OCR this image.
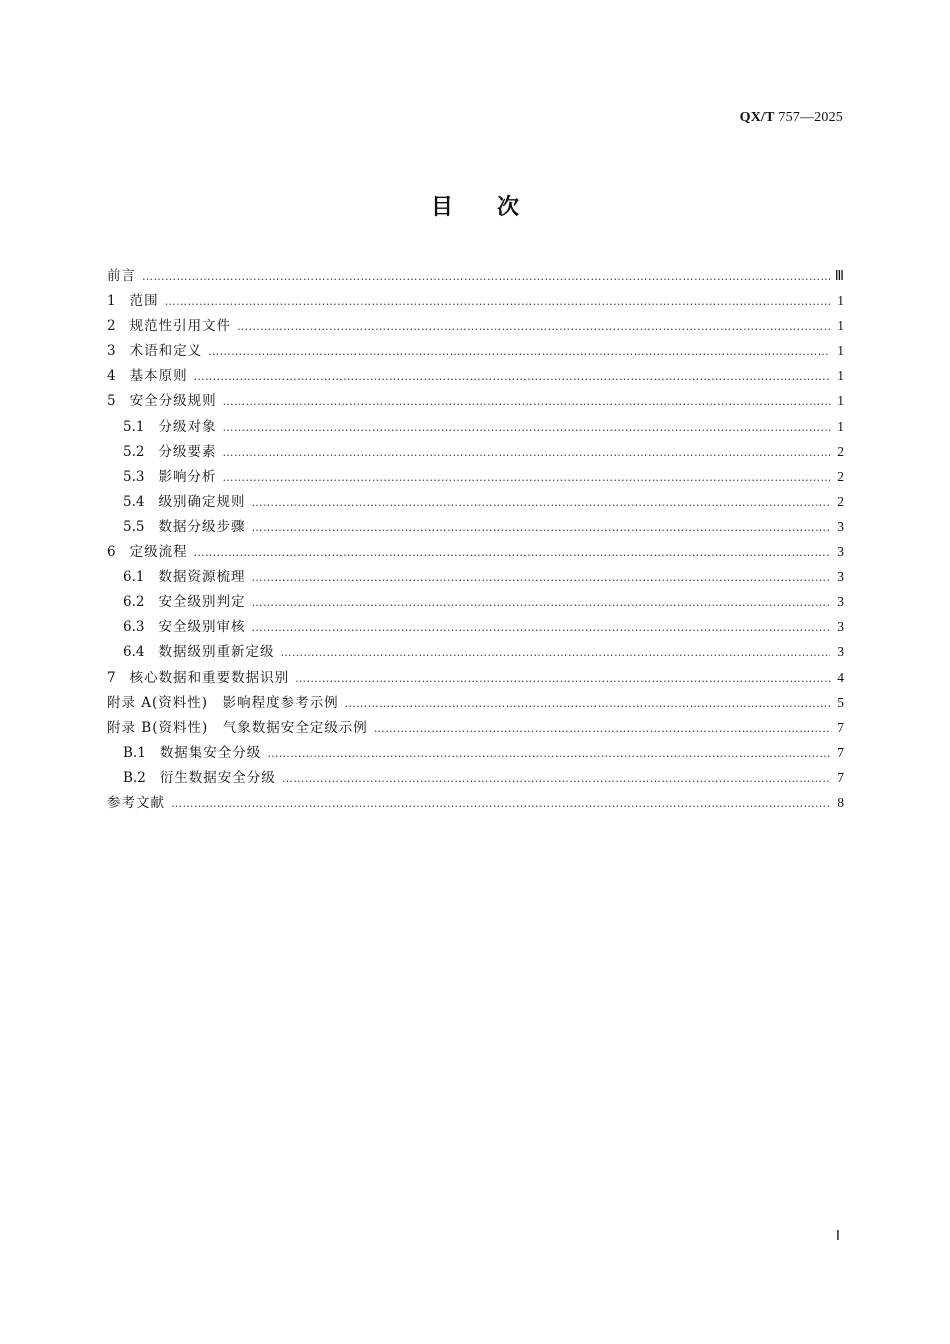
QX/T 757—2025
目次
前言 ……………………………………………………………………………………………………………………………………………………………………………………………………………………	Ⅲ
1 范围 ……………………………………………………………………………………………………………………………………………………………………………………………………………………	1
2 规范性引用文件 ……………………………………………………………………………………………………………………………………………………………………………………………………………………	1
3 术语和定义 ……………………………………………………………………………………………………………………………………………………………………………………………………………………	1
4 基本原则 ……………………………………………………………………………………………………………………………………………………………………………………………………………………	1
5 安全分级规则 ……………………………………………………………………………………………………………………………………………………………………………………………………………………	1
5.1 分级对象 ……………………………………………………………………………………………………………………………………………………………………………………………………………………	1
5.2 分级要素 ……………………………………………………………………………………………………………………………………………………………………………………………………………………	2
5.3 影响分析 ……………………………………………………………………………………………………………………………………………………………………………………………………………………	2
5.4 级别确定规则 ……………………………………………………………………………………………………………………………………………………………………………………………………………………	2
5.5 数据分级步骤 ……………………………………………………………………………………………………………………………………………………………………………………………………………………	3
6 定级流程 ……………………………………………………………………………………………………………………………………………………………………………………………………………………	3
6.1 数据资源梳理 ……………………………………………………………………………………………………………………………………………………………………………………………………………………	3
6.2 安全级别判定 ……………………………………………………………………………………………………………………………………………………………………………………………………………………	3
6.3 安全级别审核 ……………………………………………………………………………………………………………………………………………………………………………………………………………………	3
6.4 数据级别重新定级 ……………………………………………………………………………………………………………………………………………………………………………………………………………………	3
7 核心数据和重要数据识别 ……………………………………………………………………………………………………………………………………………………………………………………………………………………	4
附录 A(资料性)　影响程度参考示例 ……………………………………………………………………………………………………………………………………………………………………………………………………………………	5
附录 B(资料性)　气象数据安全定级示例 ……………………………………………………………………………………………………………………………………………………………………………………………………………………	7
B.1 数据集安全分级 ……………………………………………………………………………………………………………………………………………………………………………………………………………………	7
B.2 衍生数据安全分级 ……………………………………………………………………………………………………………………………………………………………………………………………………………………	7
参考文献 ……………………………………………………………………………………………………………………………………………………………………………………………………………………	8
Ⅰ
